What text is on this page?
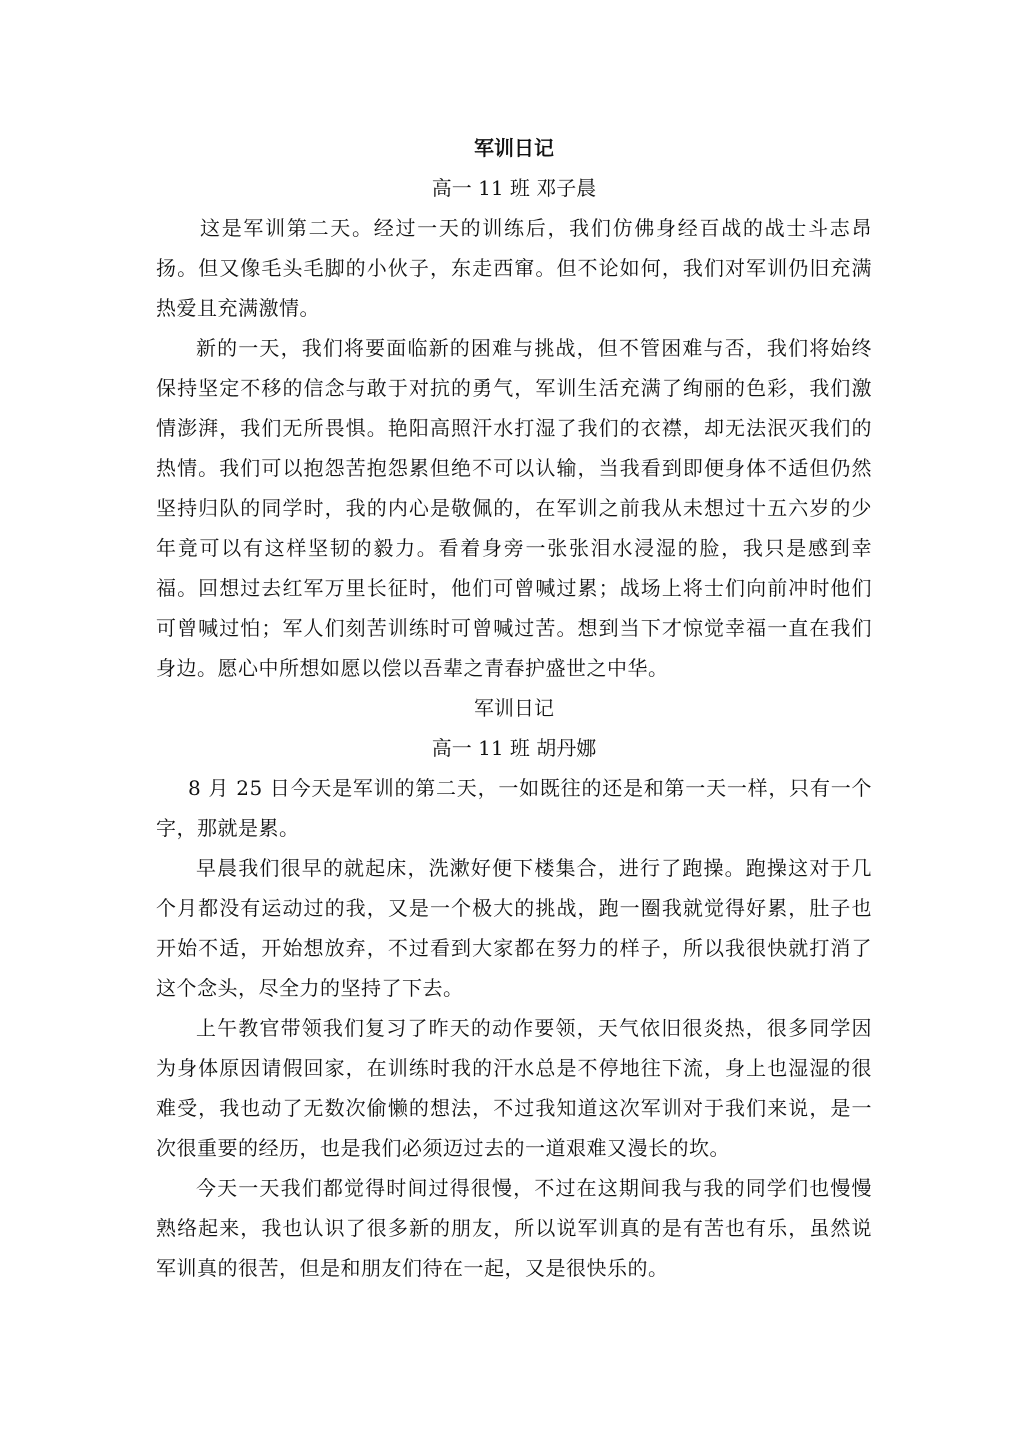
军训日记

高一 11 班 邓子晨

这是军训第二天。经过一天的训练后，我们仿佛身经百战的战士斗志昂扬。但又像毛头毛脚的小伙子，东走西窜。但不论如何，我们对军训仍旧充满热爱且充满激情。

新的一天，我们将要面临新的困难与挑战，但不管困难与否，我们将始终保持坚定不移的信念与敢于对抗的勇气，军训生活充满了绚丽的色彩，我们激情澎湃，我们无所畏惧。艳阳高照汗水打湿了我们的衣襟，却无法泯灭我们的热情。我们可以抱怨苦抱怨累但绝不可以认输，当我看到即便身体不适但仍然坚持归队的同学时，我的内心是敬佩的，在军训之前我从未想过十五六岁的少年竟可以有这样坚韧的毅力。看着身旁一张张泪水浸湿的脸，我只是感到幸福。回想过去红军万里长征时，他们可曾喊过累；战场上将士们向前冲时他们可曾喊过怕；军人们刻苦训练时可曾喊过苦。想到当下才惊觉幸福一直在我们身边。愿心中所想如愿以偿以吾辈之青春护盛世之中华。

军训日记

高一 11 班 胡丹娜

8 月 25 日今天是军训的第二天，一如既往的还是和第一天一样，只有一个字，那就是累。

早晨我们很早的就起床，洗漱好便下楼集合，进行了跑操。跑操这对于几个月都没有运动过的我，又是一个极大的挑战，跑一圈我就觉得好累，肚子也开始不适，开始想放弃，不过看到大家都在努力的样子，所以我很快就打消了这个念头，尽全力的坚持了下去。

上午教官带领我们复习了昨天的动作要领，天气依旧很炎热，很多同学因为身体原因请假回家，在训练时我的汗水总是不停地往下流，身上也湿湿的很难受，我也动了无数次偷懒的想法，不过我知道这次军训对于我们来说，是一次很重要的经历，也是我们必须迈过去的一道艰难又漫长的坎。

今天一天我们都觉得时间过得很慢，不过在这期间我与我的同学们也慢慢熟络起来，我也认识了很多新的朋友，所以说军训真的是有苦也有乐，虽然说军训真的很苦，但是和朋友们待在一起，又是很快乐的。
